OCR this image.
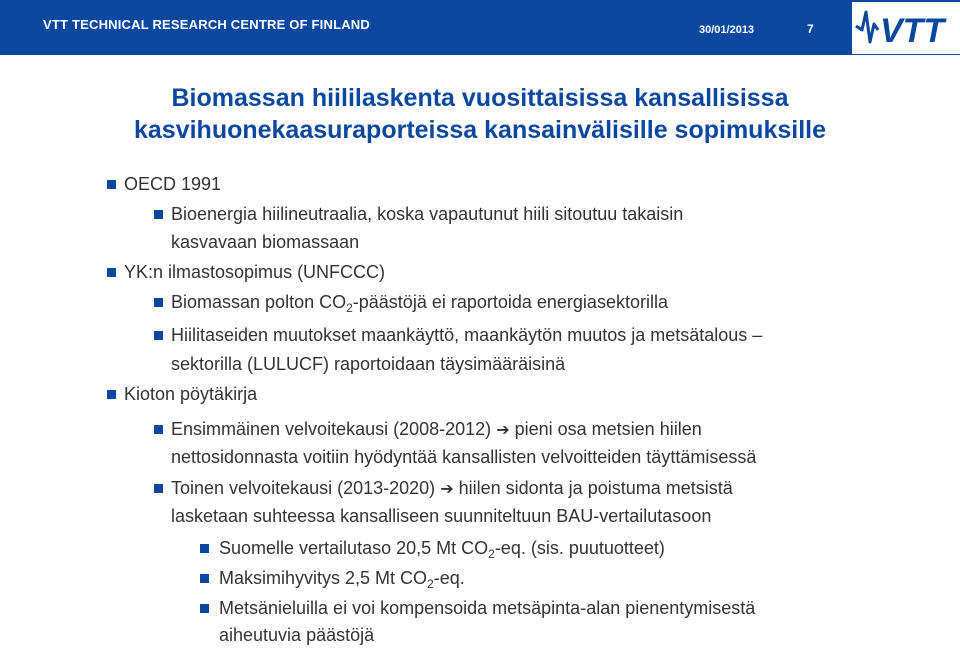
VTT TECHNICAL RESEARCH CENTRE OF FINLAND	30/01/2013	7 VTT
Biomassan hiililaskenta vuosittaisissa kansallisissa
kasvihuonekaasuraporteissa kansainvälisille sopimuksille
OECD 1991
Bioenergia hiilineutraalia, koska vapautunut hiili sitoutuu takaisin
kasvavaan biomassaan
YK:n ilmastosopimus (UNFCCC)
Biomassan polton $CO_2$-päästöjä ei raportoida energiasektorilla
Hiilitaseiden muutokset maankäyttö, maankäytön muutos ja metsätalous –
sektorilla (LULUCF) raportoidaan täysimääräisinä
Kioton pöytäkirja
Ensimmäinen velvoitekausi (2008-2012) ➔ pieni osa metsien hiilen
nettosidonnasta voitiin hyödyntää kansallisten velvoitteiden täyttämisessä
Toinen velvoitekausi (2013-2020) ➔ hiilen sidonta ja poistuma metsistä
lasketaan suhteessa kansalliseen suunniteltuun BAU-vertailutasoon
Suomelle vertailutaso 20,5 Mt $CO_2-eq$. (sis. puutuotteet)
Maksimihyvitys 2,5 Mt $CO_2-eq$.
Metsänieluilla ei voi kompensoida metsäpinta-alan pienentymisestä
aiheutuvia päästöjä
